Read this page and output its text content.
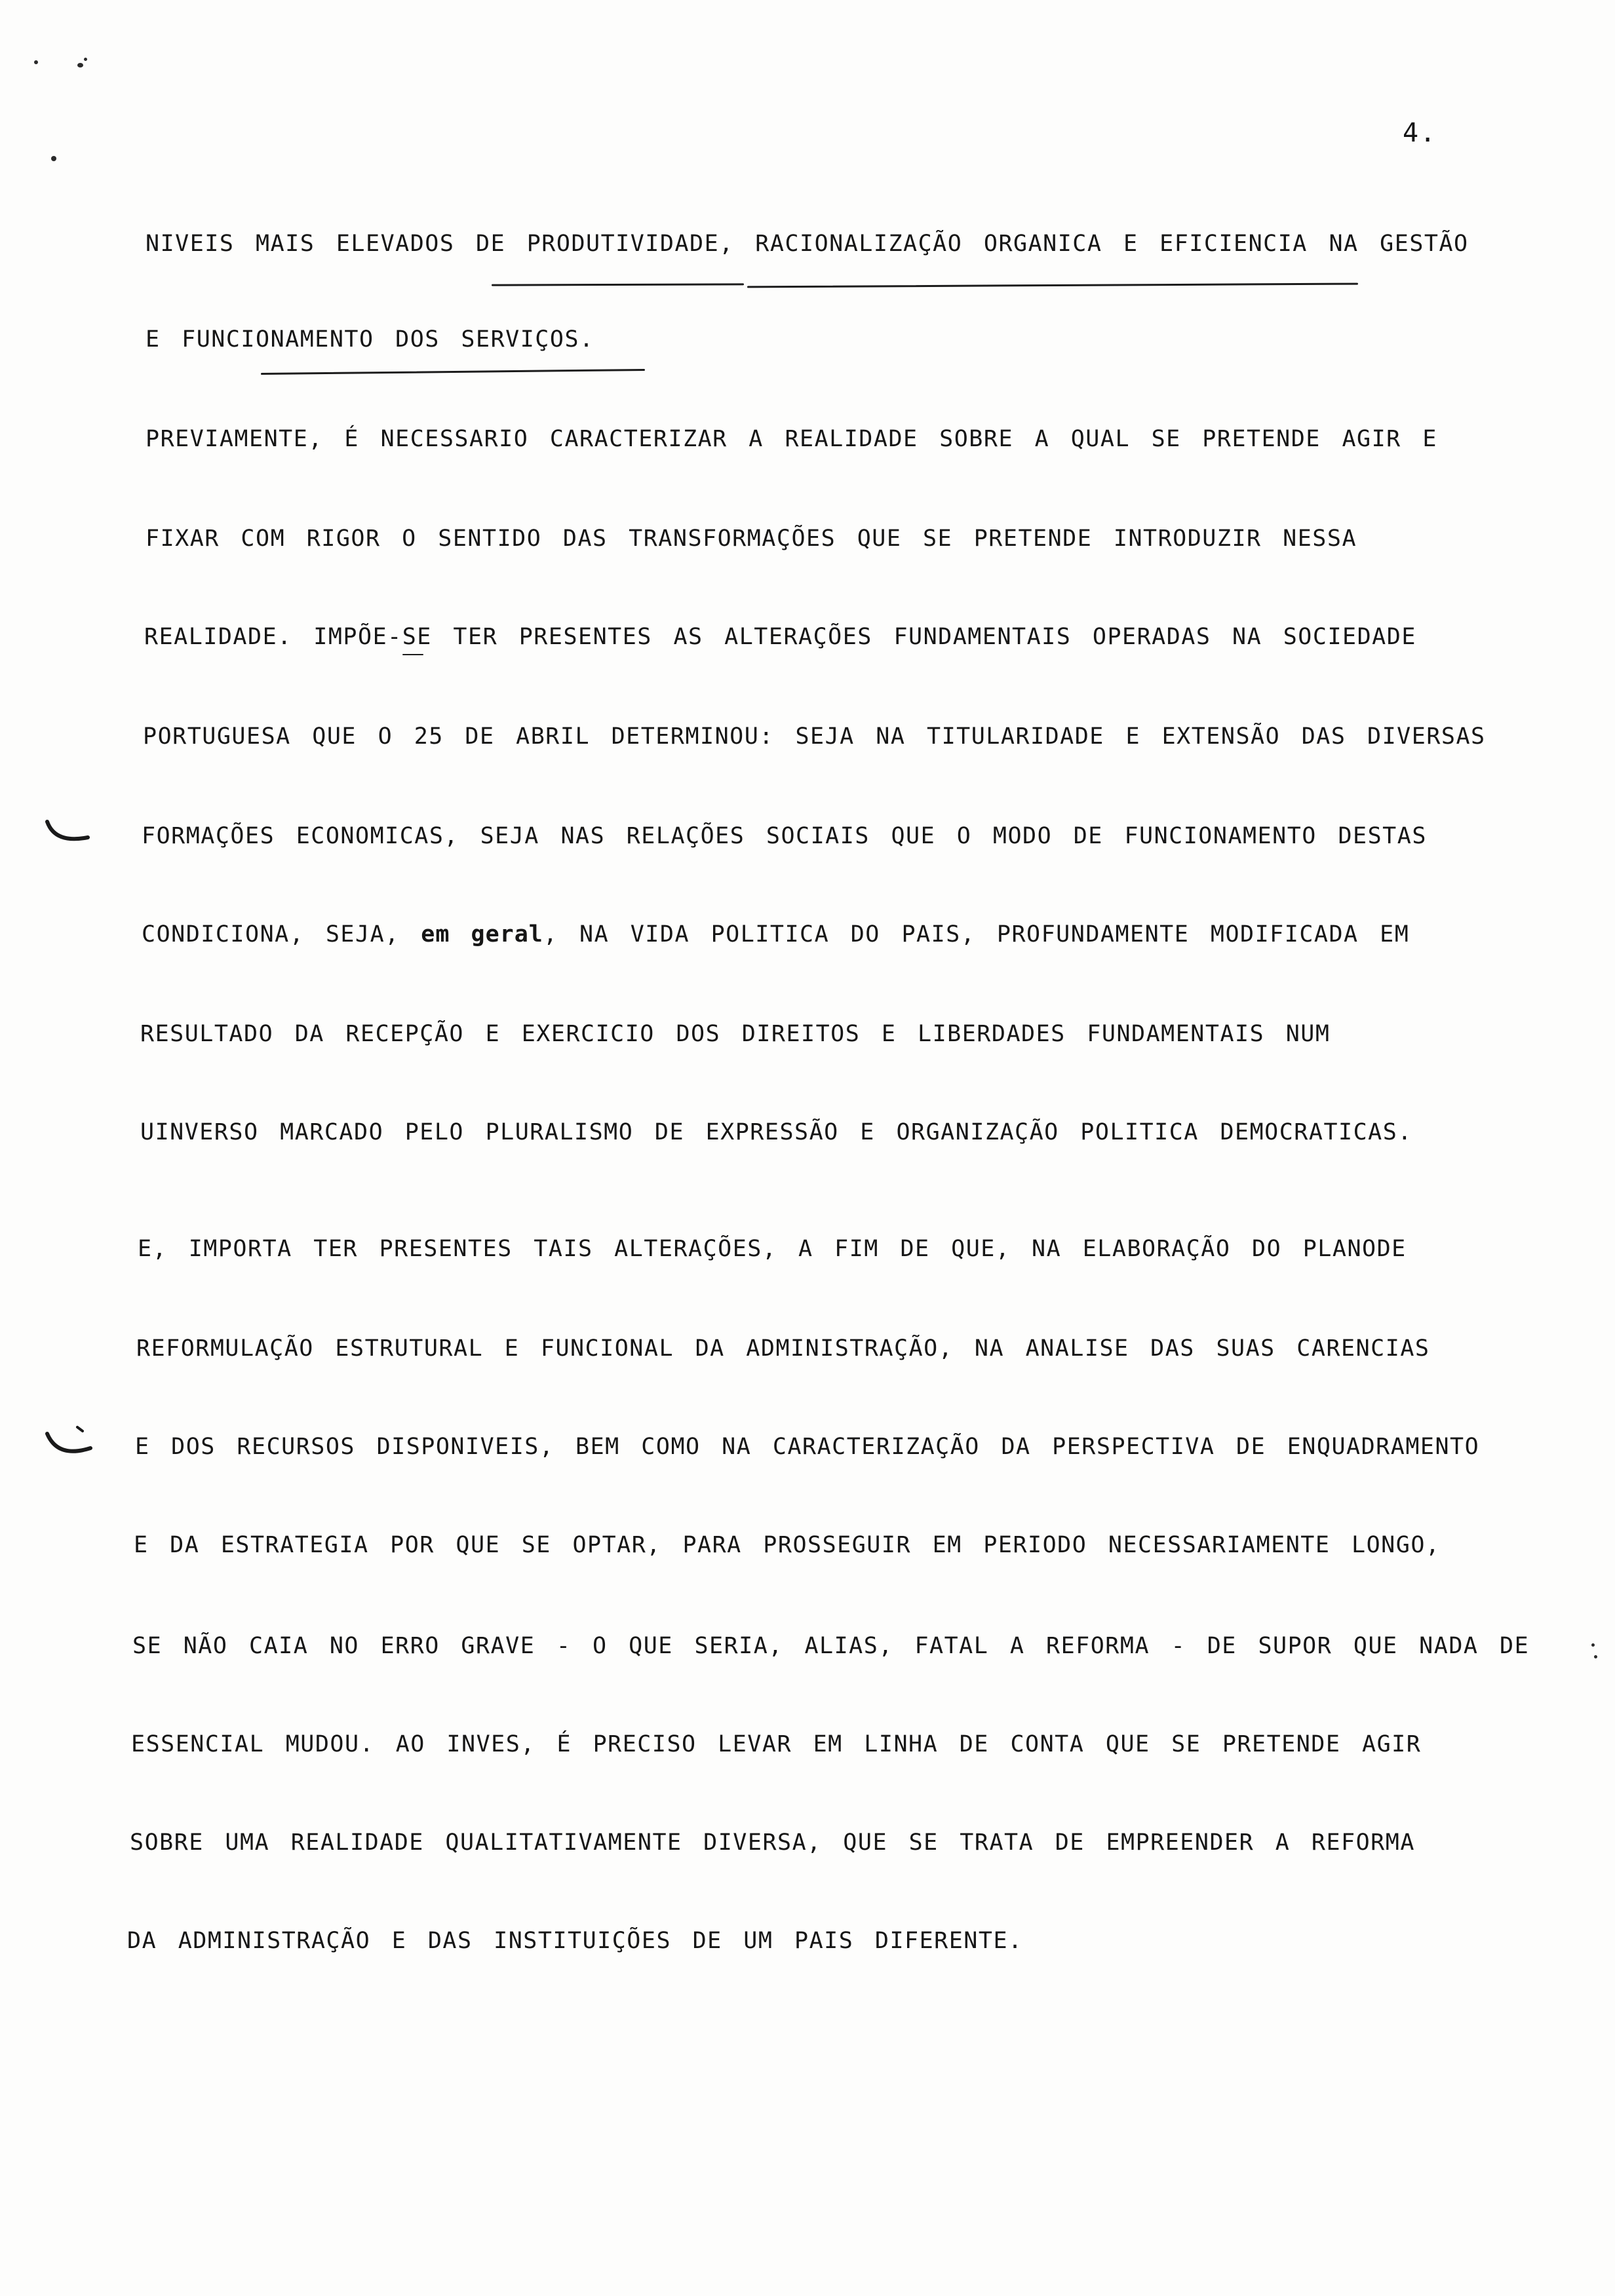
4.
NIVEIS MAIS ELEVADOS DE PRODUTIVIDADE, RACIONALIZAÇÃO ORGANICA E EFICIENCIA NA GESTÃO
E FUNCIONAMENTO DOS SERVIÇOS.
PREVIAMENTE, É NECESSARIO CARACTERIZAR A REALIDADE SOBRE A QUAL SE PRETENDE AGIR E
FIXAR COM RIGOR O SENTIDO DAS TRANSFORMAÇÕES QUE SE PRETENDE INTRODUZIR NESSA
REALIDADE. IMPÕE-SE TER PRESENTES AS ALTERAÇÕES FUNDAMENTAIS OPERADAS NA SOCIEDADE
PORTUGUESA QUE O 25 DE ABRIL DETERMINOU: SEJA NA TITULARIDADE E EXTENSÃO DAS DIVERSAS
FORMAÇÕES ECONOMICAS, SEJA NAS RELAÇÕES SOCIAIS QUE O MODO DE FUNCIONAMENTO DESTAS
CONDICIONA, SEJA, em geral, NA VIDA POLITICA DO PAIS, PROFUNDAMENTE MODIFICADA EM
RESULTADO DA RECEPÇÃO E EXERCICIO DOS DIREITOS E LIBERDADES FUNDAMENTAIS NUM
UINVERSO MARCADO PELO PLURALISMO DE EXPRESSÃO E ORGANIZAÇÃO POLITICA DEMOCRATICAS.
E, IMPORTA TER PRESENTES TAIS ALTERAÇÕES, A FIM DE QUE, NA ELABORAÇÃO DO PLANODE
REFORMULAÇÃO ESTRUTURAL E FUNCIONAL DA ADMINISTRAÇÃO, NA ANALISE DAS SUAS CARENCIAS
E DOS RECURSOS DISPONIVEIS, BEM COMO NA CARACTERIZAÇÃO DA PERSPECTIVA DE ENQUADRAMENTO
E DA ESTRATEGIA POR QUE SE OPTAR, PARA PROSSEGUIR EM PERIODO NECESSARIAMENTE LONGO,
SE NÃO CAIA NO ERRO GRAVE - O QUE SERIA, ALIAS, FATAL A REFORMA - DE SUPOR QUE NADA DE
ESSENCIAL MUDOU. AO INVES, É PRECISO LEVAR EM LINHA DE CONTA QUE SE PRETENDE AGIR
SOBRE UMA REALIDADE QUALITATIVAMENTE DIVERSA, QUE SE TRATA DE EMPREENDER A REFORMA
DA ADMINISTRAÇÃO E DAS INSTITUIÇÕES DE UM PAIS DIFERENTE.
